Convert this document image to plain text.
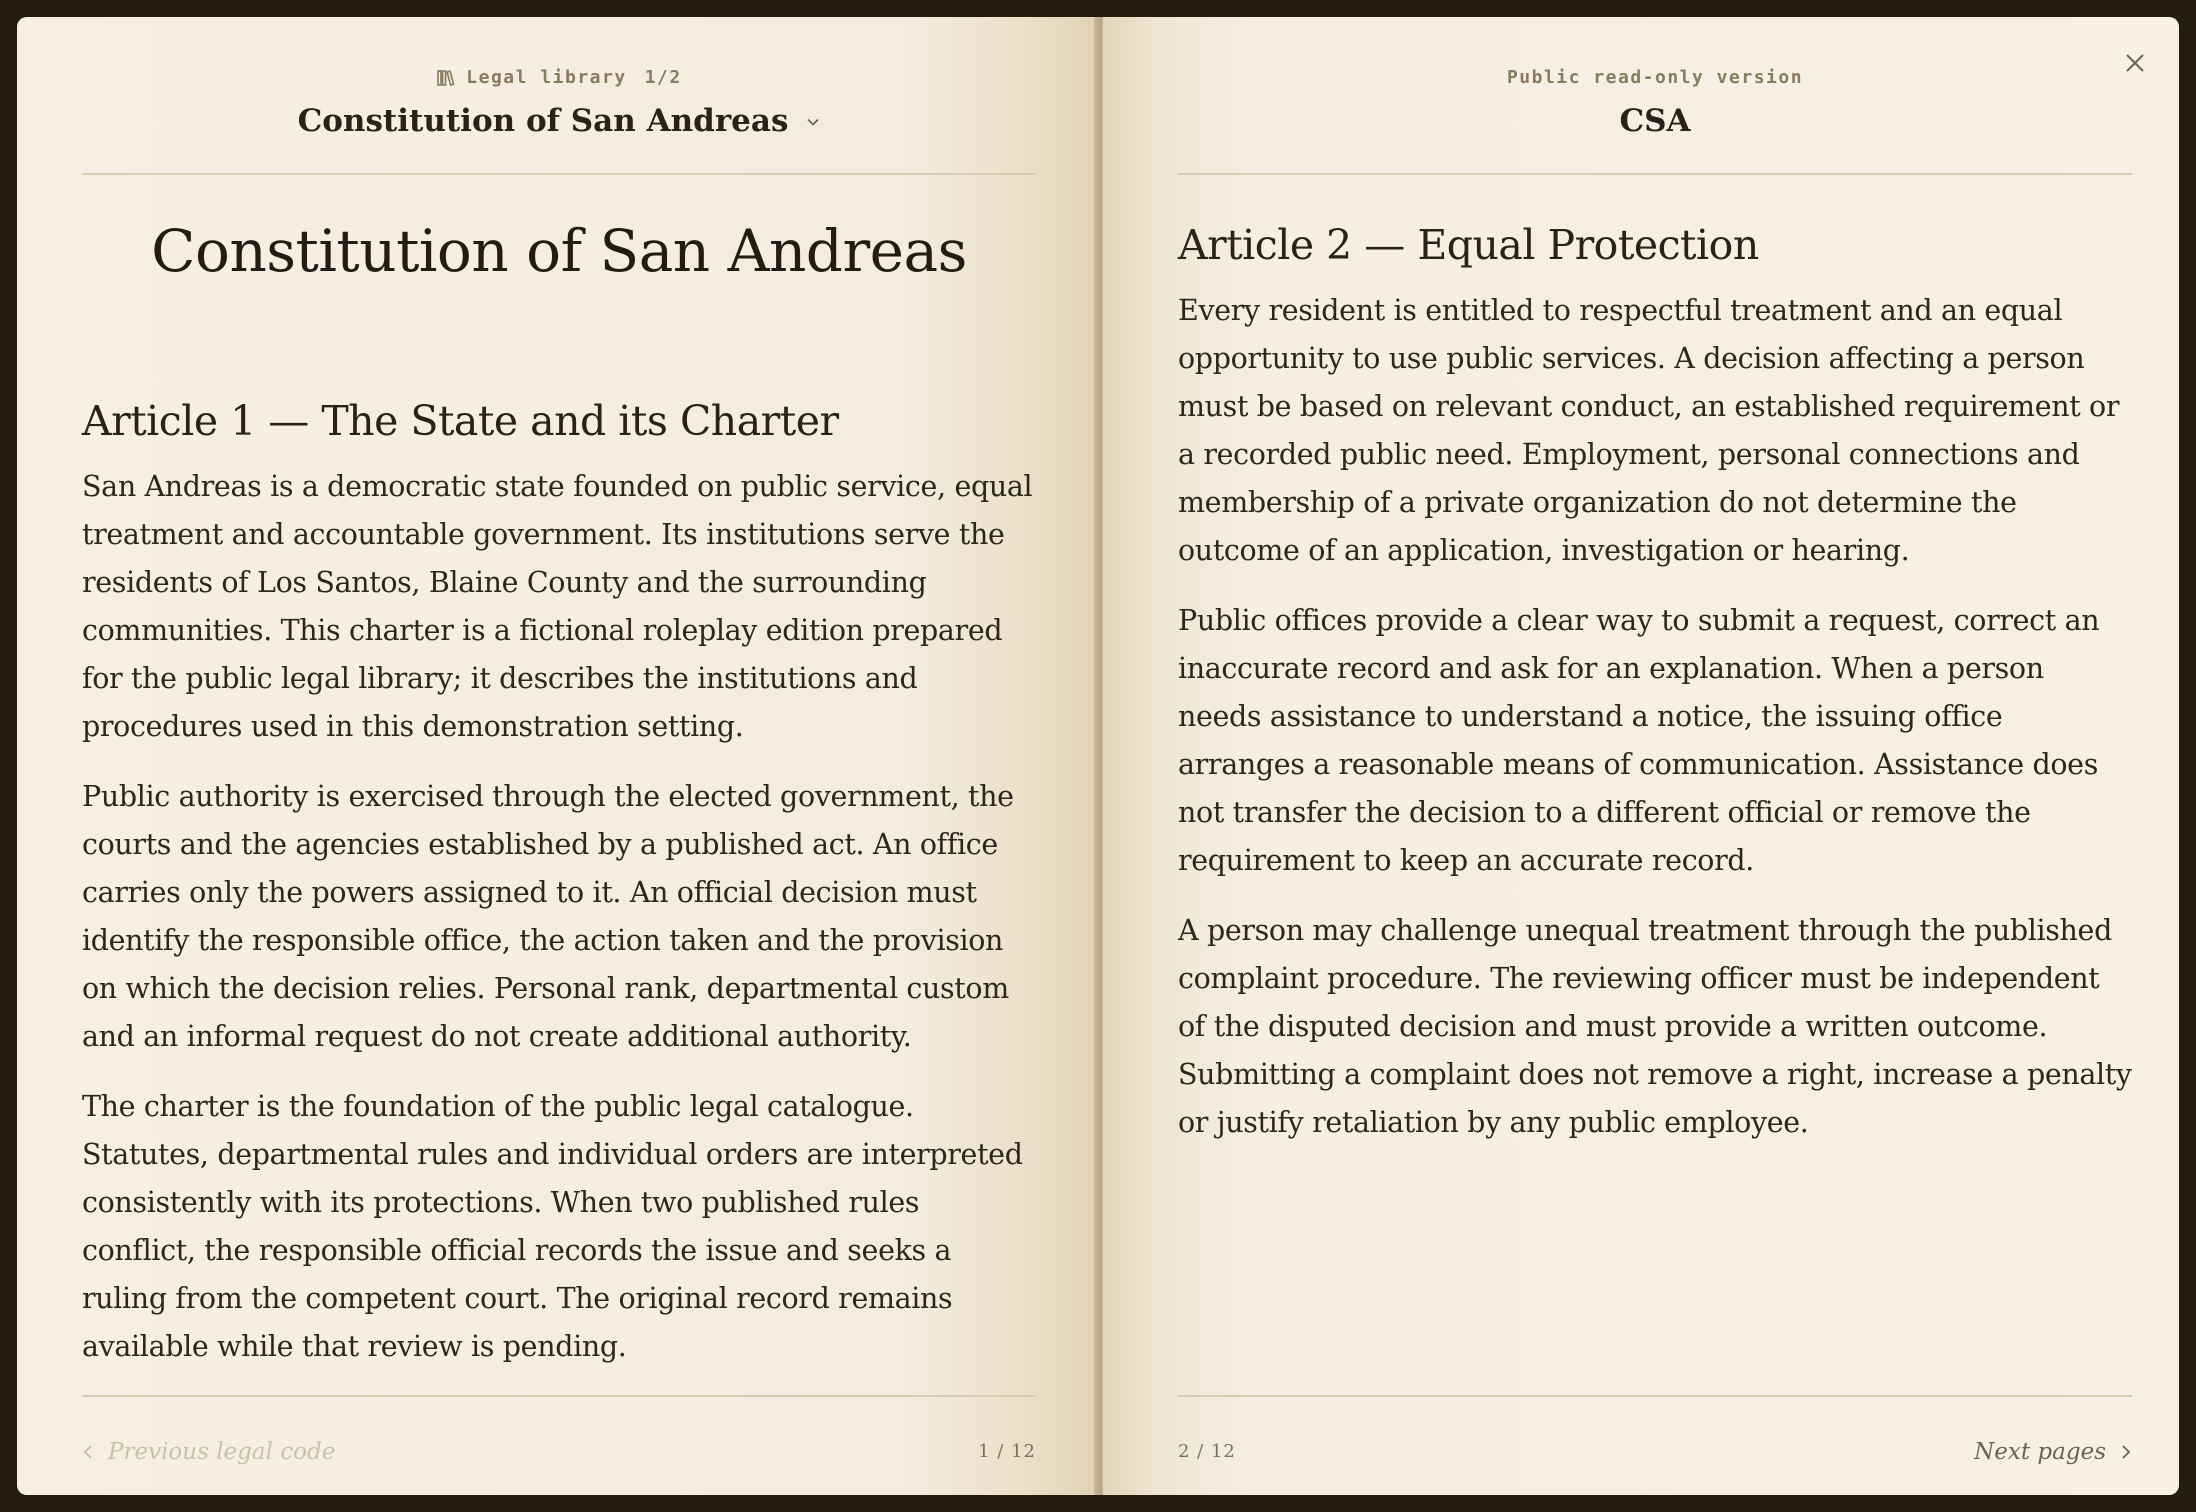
Legal library 1/2
Constitution of San Andreas
Constitution of San Andreas
Article 1 — The State and its Charter

San Andreas is a democratic state founded on public service, equal treatment and accountable government. Its institutions serve the residents of Los Santos, Blaine County and the surrounding communities. This charter is a fictional roleplay edition prepared for the public legal library; it describes the institutions and procedures used in this demonstration setting.

Public authority is exercised through the elected government, the courts and the agencies established by a published act. An office carries only the powers assigned to it. An official decision must identify the responsible office, the action taken and the provision on which the decision relies. Personal rank, departmental custom and an informal request do not create additional authority.

The charter is the foundation of the public legal catalogue. Statutes, departmental rules and individual orders are interpreted consistently with its protections. When two published rules conflict, the responsible official records the issue and seeks a ruling from the competent court. The original record remains available while that review is pending.

Previous legal code	1 / 12
Public read-only version
CSA
Article 2 — Equal Protection

Every resident is entitled to respectful treatment and an equal opportunity to use public services. A decision affecting a person must be based on relevant conduct, an established requirement or a recorded public need. Employment, personal connections and membership of a private organization do not determine the outcome of an application, investigation or hearing.

Public offices provide a clear way to submit a request, correct an inaccurate record and ask for an explanation. When a person needs assistance to understand a notice, the issuing office arranges a reasonable means of communication. Assistance does not transfer the decision to a different official or remove the requirement to keep an accurate record.

A person may challenge unequal treatment through the published complaint procedure. The reviewing officer must be independent of the disputed decision and must provide a written outcome. Submitting a complaint does not remove a right, increase a penalty or justify retaliation by any public employee.

2 / 12	Next pages
